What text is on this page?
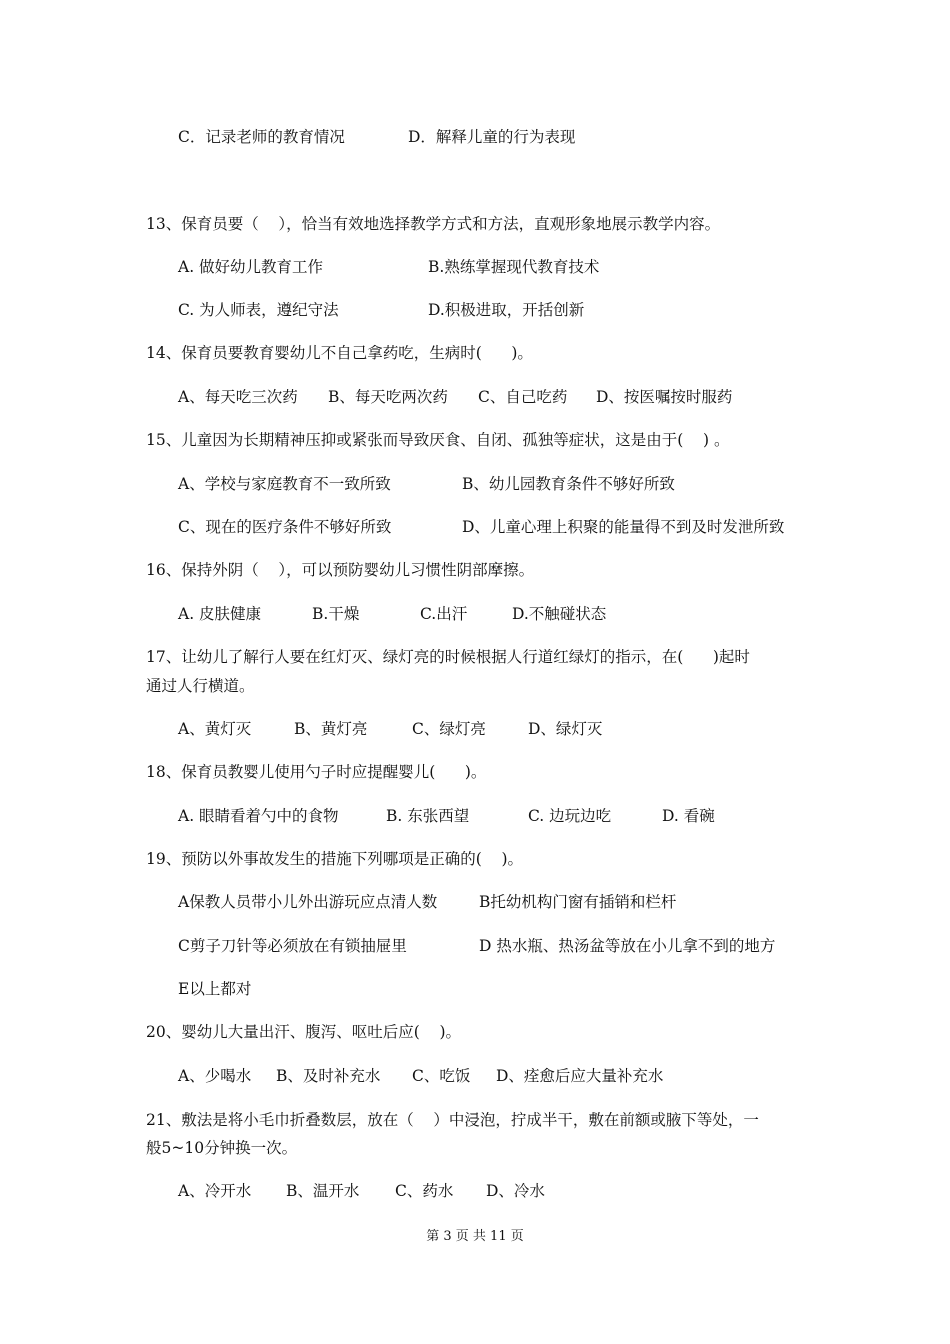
C．记录老师的教育情况	D．解释儿童的行为表现
13、保育员要（    ），恰当有效地选择教学方式和方法，直观形象地展示教学内容。
A. 做好幼儿教育工作	B.熟练掌握现代教育技术
C. 为人师表，遵纪守法	D.积极进取，开括创新
14、保育员要教育婴幼儿不自己拿药吃，生病时(      )。
A、每天吃三次药 B、每天吃两次药 C、自己吃药 D、按医嘱按时服药
15、儿童因为长期精神压抑或紧张而导致厌食、自闭、孤独等症状，这是由于(    ) 。
A、学校与家庭教育不一致所致	B、幼儿园教育条件不够好所致
C、现在的医疗条件不够好所致	D、儿童心理上积聚的能量得不到及时发泄所致
16、保持外阴（    ），可以预防婴幼儿习惯性阴部摩擦。
A. 皮肤健康	B.干燥	C.出汗	D.不触碰状态
17、让幼儿了解行人要在红灯灭、绿灯亮的时候根据人行道红绿灯的指示，在(      )起时
通过人行横道。
A、黄灯灭	B、黄灯亮	C、绿灯亮	D、绿灯灭
18、保育员教婴儿使用勺子时应提醒婴儿(      )。
A. 眼睛看着勺中的食物	B. 东张西望	C. 边玩边吃	D. 看碗
19、预防以外事故发生的措施下列哪项是正确的(    )。
A保教人员带小儿外出游玩应点清人数	B托幼机构门窗有插销和栏杆
C剪子刀针等必须放在有锁抽屉里	D 热水瓶、热汤盆等放在小儿拿不到的地方
E以上都对
20、婴幼儿大量出汗、腹泻、呕吐后应(    )。
A、少喝水 B、及时补充水 C、吃饭 D、痊愈后应大量补充水
21、敷法是将小毛巾折叠数层，放在（    ）中浸泡，拧成半干，敷在前额或腋下等处，一
般5~10分钟换一次。
A、冷开水 B、温开水 C、药水 D、冷水
第 3 页 共 11 页
